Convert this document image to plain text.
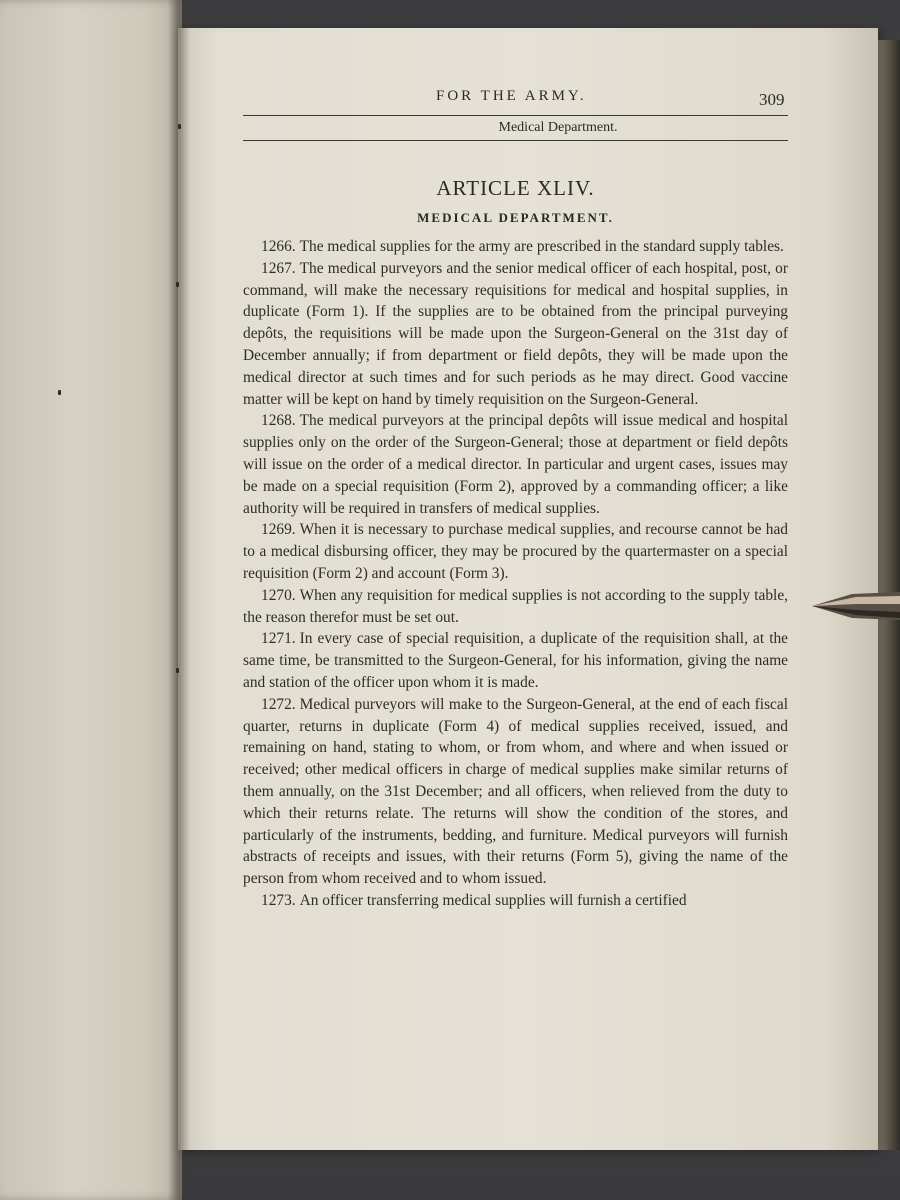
FOR THE ARMY.	309
Medical Department.
ARTICLE XLIV.
MEDICAL DEPARTMENT.

1266. The medical supplies for the army are prescribed in the standard supply tables.

1267. The medical purveyors and the senior medical officer of each hospital, post, or command, will make the necessary requisitions for medical and hospital supplies, in duplicate (Form 1). If the supplies are to be obtained from the principal purveying depôts, the requisitions will be made upon the Surgeon-General on the 31st day of December annually; if from department or field depôts, they will be made upon the medical director at such times and for such periods as he may direct. Good vaccine matter will be kept on hand by timely requisition on the Surgeon-General.

1268. The medical purveyors at the principal depôts will issue medical and hospital supplies only on the order of the Surgeon-General; those at department or field depôts will issue on the order of a medical director. In particular and urgent cases, issues may be made on a special requisition (Form 2), approved by a commanding officer; a like authority will be required in transfers of medical supplies.

1269. When it is necessary to purchase medical supplies, and recourse cannot be had to a medical disbursing officer, they may be procured by the quartermaster on a special requisition (Form 2) and account (Form 3).

1270. When any requisition for medical supplies is not according to the supply table, the reason therefor must be set out.

1271. In every case of special requisition, a duplicate of the requisition shall, at the same time, be transmitted to the Surgeon-General, for his information, giving the name and station of the officer upon whom it is made.

1272. Medical purveyors will make to the Surgeon-General, at the end of each fiscal quarter, returns in duplicate (Form 4) of medical supplies received, issued, and remaining on hand, stating to whom, or from whom, and where and when issued or received; other medical officers in charge of medical supplies make similar returns of them annually, on the 31st December; and all officers, when relieved from the duty to which their returns relate. The returns will show the condition of the stores, and particularly of the instruments, bedding, and furniture. Medical purveyors will furnish abstracts of receipts and issues, with their returns (Form 5), giving the name of the person from whom received and to whom issued.

1273. An officer transferring medical supplies will furnish a certified
